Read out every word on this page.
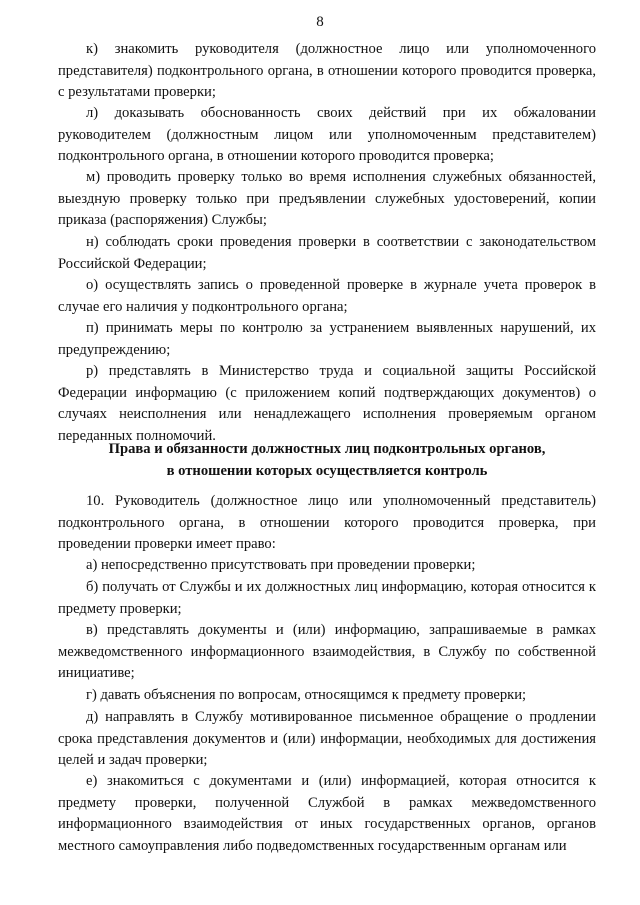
8
к) знакомить руководителя (должностное лицо или уполномоченного представителя) подконтрольного органа, в отношении которого проводится проверка, с результатами проверки;
л) доказывать обоснованность своих действий при их обжаловании руководителем (должностным лицом или уполномоченным представителем) подконтрольного органа, в отношении которого проводится проверка;
м) проводить проверку только во время исполнения служебных обязанностей, выездную проверку только при предъявлении служебных удостоверений, копии приказа (распоряжения) Службы;
н) соблюдать сроки проведения проверки в соответствии с законодательством Российской Федерации;
о) осуществлять запись о проведенной проверке в журнале учета проверок в случае его наличия у подконтрольного органа;
п) принимать меры по контролю за устранением выявленных нарушений, их предупреждению;
р) представлять в Министерство труда и социальной защиты Российской Федерации информацию (с приложением копий подтверждающих документов) о случаях неисполнения или ненадлежащего исполнения проверяемым органом переданных полномочий.
Права и обязанности должностных лиц подконтрольных органов,
в отношении которых осуществляется контроль
10. Руководитель (должностное лицо или уполномоченный представитель) подконтрольного органа, в отношении которого проводится проверка, при проведении проверки имеет право:
а) непосредственно присутствовать при проведении проверки;
б) получать от Службы и их должностных лиц информацию, которая относится к предмету проверки;
в) представлять документы и (или) информацию, запрашиваемые в рамках межведомственного информационного взаимодействия, в Службу по собственной инициативе;
г) давать объяснения по вопросам, относящимся к предмету проверки;
д) направлять в Службу мотивированное письменное обращение о продлении срока представления документов и (или) информации, необходимых для достижения целей и задач проверки;
е) знакомиться с документами и (или) информацией, которая относится к предмету проверки, полученной Службой в рамках межведомственного информационного взаимодействия от иных государственных органов, органов местного самоуправления либо подведомственных государственным органам или
